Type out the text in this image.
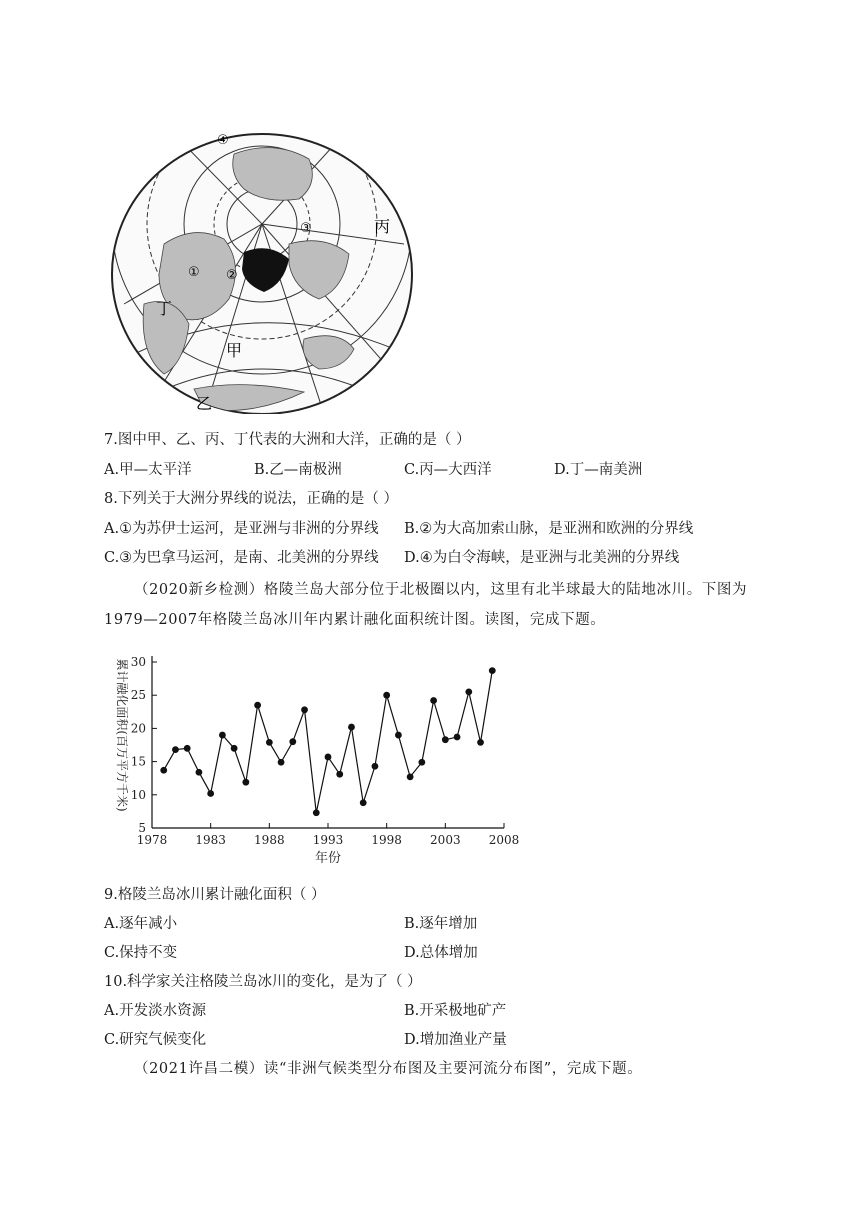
甲
乙
丙
丁
① ②
③
④
7.图中甲、乙、丙、丁代表的大洲和大洋，正确的是（ ）
A.甲—太平洋	B.乙—南极洲	C.丙—大西洋	D.丁—南美洲
8.下列关于大洲分界线的说法，正确的是（ ）
A.①为苏伊士运河，是亚洲与非洲的分界线 B.②为大高加索山脉，是亚洲和欧洲的分界线
C.③为巴拿马运河，是南、北美洲的分界线 D.④为白令海峡，是亚洲与北美洲的分界线
（2020新乡检测）格陵兰岛大部分位于北极圈以内，这里有北半球最大的陆地冰川。下图为1979—2007年格陵兰岛冰川年内累计融化面积统计图。读图，完成下题。
5
10
15
20
25
30
1978 1983 1988 1993 1998 2003 2008
累计融化面积(百万平方千米)
年份
9.格陵兰岛冰川累计融化面积（ ）
A.逐年减小	B.逐年增加
C.保持不变	D.总体增加
10.科学家关注格陵兰岛冰川的变化，是为了（ ）
A.开发淡水资源	B.开采极地矿产
C.研究气候变化	D.增加渔业产量
（2021许昌二模）读“非洲气候类型分布图及主要河流分布图”，完成下题。
